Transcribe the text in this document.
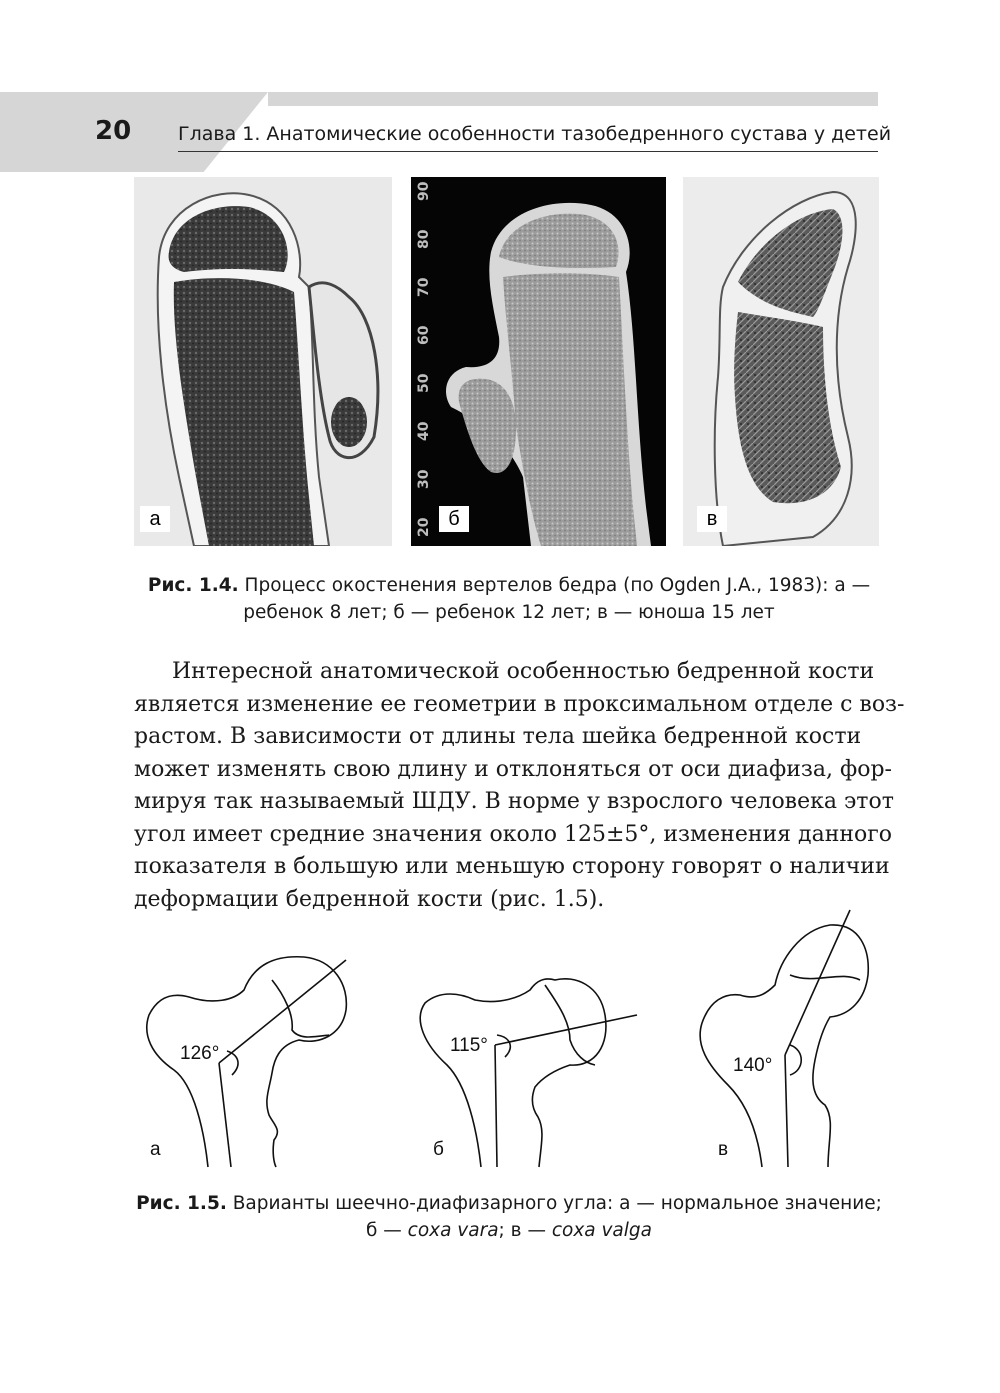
20 Глава 1. Анатомические особенности тазобедренного сустава у детей
а	20
30
40
50
60
70
80
90
б	в
Рис. 1.4. Процесс окостенения вертелов бедра (по Ogden J.A., 1983): а —
ребенок 8 лет; б — ребенок 12 лет; в — юноша 15 лет
Интересной анатомической особенностью бедренной кости
является изменение ее геометрии в проксимальном отделе с воз-
растом. В зависимости от длины тела шейка бедренной кости
может изменять свою длину и отклоняться от оси диафиза, фор-
мируя так называемый ШДУ. В норме у взрослого человека этот
угол имеет средние значения около 125±5°, изменения данного
показателя в большую или меньшую сторону говорят о наличии
деформации бедренной кости (рис. 1.5).
126°
а
115°
б
140°
в
Рис. 1.5. Варианты шеечно-диафизарного угла: а — нормальное значение;
б — coxa vara; в — coxa valga
